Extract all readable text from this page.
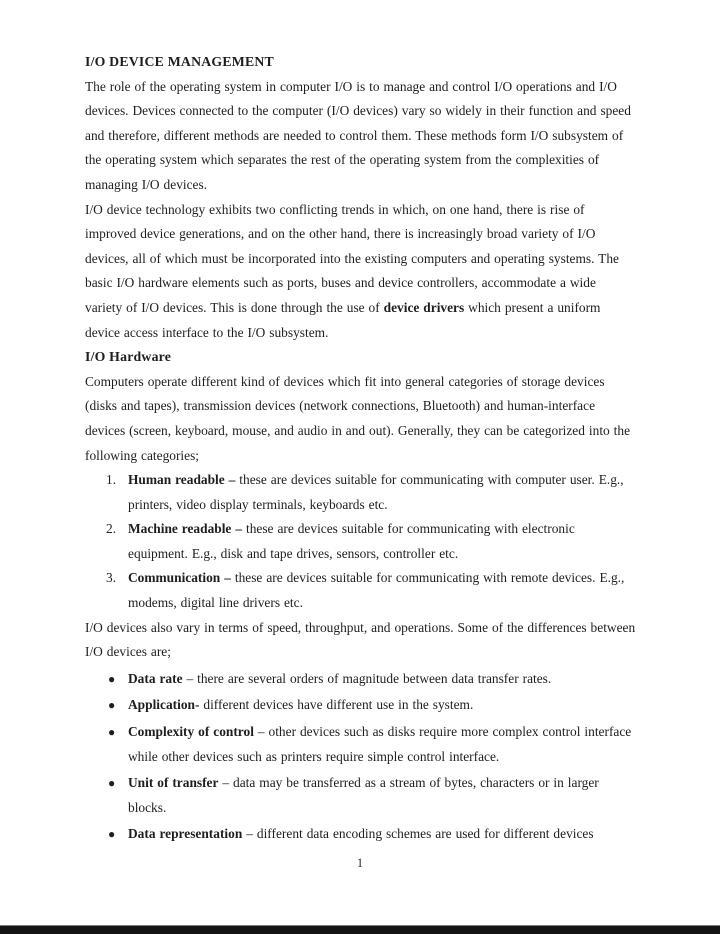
I/O DEVICE MANAGEMENT

The role of the operating system in computer I/O is to manage and control I/O operations and I/O devices. Devices connected to the computer (I/O devices) vary so widely in their function and speed and therefore, different methods are needed to control them. These methods form I/O subsystem of the operating system which separates the rest of the operating system from the complexities of managing I/O devices.

I/O device technology exhibits two conflicting trends in which, on one hand, there is rise of improved device generations, and on the other hand, there is increasingly broad variety of I/O devices, all of which must be incorporated into the existing computers and operating systems. The basic I/O hardware elements such as ports, buses and device controllers, accommodate a wide variety of I/O devices. This is done through the use of device drivers which present a uniform device access interface to the I/O subsystem.

I/O Hardware

Computers operate different kind of devices which fit into general categories of storage devices (disks and tapes), transmission devices (network connections, Bluetooth) and human-interface devices (screen, keyboard, mouse, and audio in and out). Generally, they can be categorized into the following categories;

1. Human readable – these are devices suitable for communicating with computer user. E.g., printers, video display terminals, keyboards etc.
2. Machine readable – these are devices suitable for communicating with electronic equipment. E.g., disk and tape drives, sensors, controller etc.
3. Communication – these are devices suitable for communicating with remote devices. E.g., modems, digital line drivers etc.

I/O devices also vary in terms of speed, throughput, and operations. Some of the differences between I/O devices are;

● Data rate – there are several orders of magnitude between data transfer rates.
● Application- different devices have different use in the system.
● Complexity of control – other devices such as disks require more complex control interface while other devices such as printers require simple control interface.
● Unit of transfer – data may be transferred as a stream of bytes, characters or in larger blocks.
● Data representation – different data encoding schemes are used for different devices
1
